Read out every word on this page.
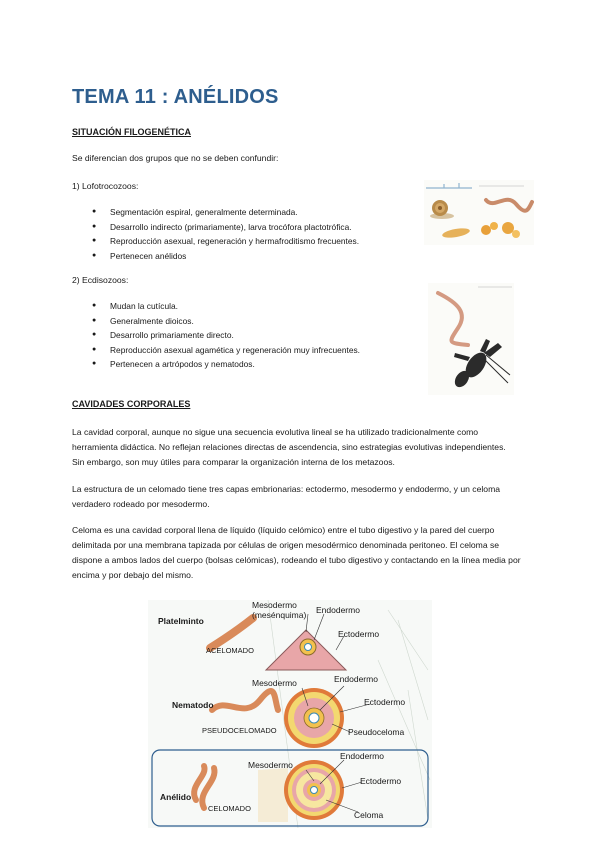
TEMA 11 : ANÉLIDOS
SITUACIÓN FILOGENÉTICA
Se diferencian dos grupos que no se deben confundir:
1) Lofotrocozoos:
● Segmentación espiral, generalmente determinada.
● Desarrollo indirecto (primariamente), larva trocófora plactotrófica.
● Reproducción asexual, regeneración y hermafroditismo frecuentes.
● Pertenecen anélidos
2) Ecdisozoos:
● Mudan la cutícula.
● Generalmente dioicos.
● Desarrollo primariamente directo.
● Reproducción asexual agamética y regeneración muy infrecuentes.
● Pertenecen a artrópodos y nematodos.
CAVIDADES CORPORALES
La cavidad corporal, aunque no sigue una secuencia evolutiva lineal se ha utilizado tradicionalmente como herramienta didáctica. No reflejan relaciones directas de ascendencia, sino estrategias evolutivas independientes. Sin embargo, son muy útiles para comparar la organización interna de los metazoos.
La estructura de un celomado tiene tres capas embrionarias: ectodermo, mesodermo y endodermo, y un celoma verdadero rodeado por mesodermo.
Celoma es una cavidad corporal llena de líquido (líquido celómico) entre el tubo digestivo y la pared del cuerpo delimitada por una membrana tapizada por células de origen mesodérmico denominada peritoneo. El celoma se dispone a ambos lados del cuerpo (bolsas celómicas), rodeando el tubo digestivo y contactando en la línea media por encima y por debajo del mismo.
Platelminto
ACELOMADO
Mesodermo
(mesénquima) Endodermo
Ectodermo
Nematodo
PSEUDOCELOMADO
Mesodermo	Endodermo
Ectodermo
Pseudoceloma
Anélido
CELOMADO
Mesodermo
Endodermo
Ectodermo
Celoma
